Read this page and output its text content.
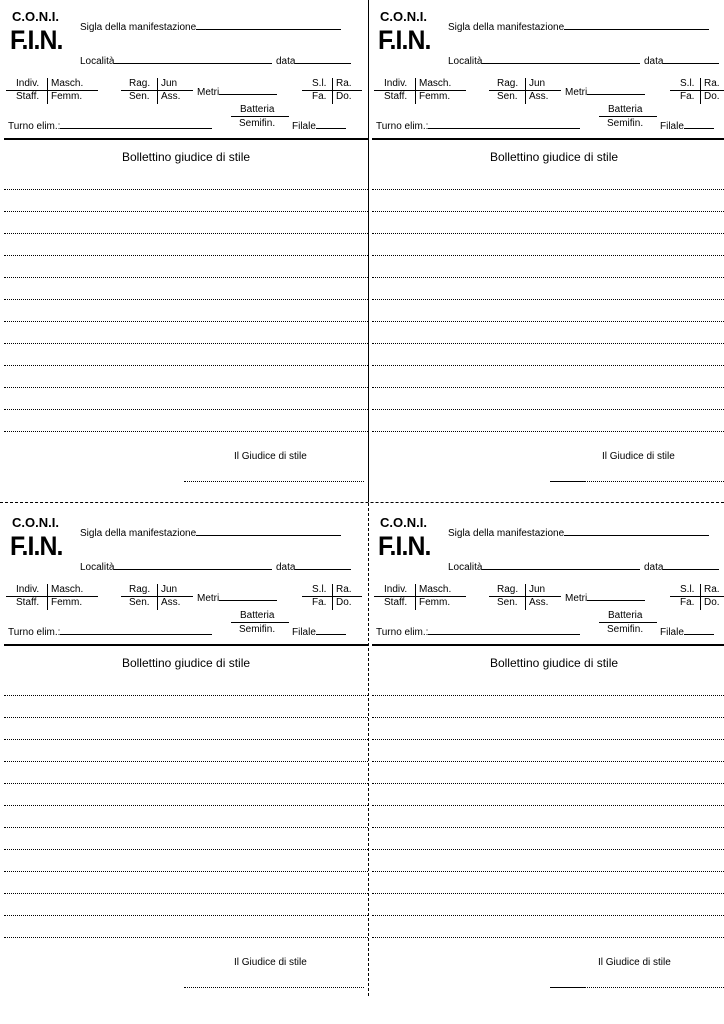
C.O.N.I.
F.I.N. Sigla della manifestazione
Località	data
Indiv. Masch.
Staff. Femm.
Rag. Jun
Sen. Ass. Metri
S.l. Ra.
Fa. Do.
Batteria
Semifin.
Turno elim.:	Filale
Bollettino giudice di stile
Il Giudice di stile
C.O.N.I.
F.I.N. Sigla della manifestazione
Località	data
Indiv. Masch.
Staff. Femm.
Rag. Jun
Sen. Ass. Metri
S.l. Ra.
Fa. Do.
Batteria
Semifin.
Turno elim.:	Filale
Bollettino giudice di stile
Il Giudice di stile
C.O.N.I.
F.I.N. Sigla della manifestazione
Località	data
Indiv. Masch.
Staff. Femm.
Rag. Jun
Sen. Ass. Metri
S.l. Ra.
Fa. Do.
Batteria
Semifin.
Turno elim.:	Filale
Bollettino giudice di stile
Il Giudice di stile
C.O.N.I.
F.I.N. Sigla della manifestazione
Località	data
Indiv. Masch.
Staff. Femm.
Rag. Jun
Sen. Ass. Metri
S.l. Ra.
Fa. Do.
Batteria
Semifin.
Turno elim.:	Filale
Bollettino giudice di stile
Il Giudice di stile
